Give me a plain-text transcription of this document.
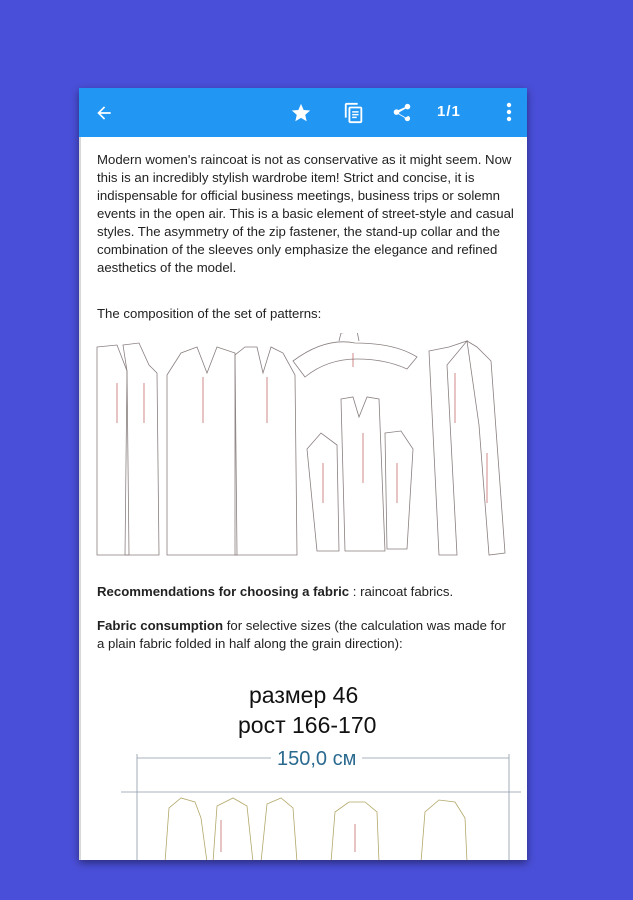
1/1
Modern women's raincoat is not as conservative as it might seem. Now this is an incredibly stylish wardrobe item! Strict and concise, it is indispensable for official business meetings, business trips or solemn events in the open air. This is a basic element of street-style and casual styles. The asymmetry of the zip fastener, the stand-up collar and the combination of the sleeves only emphasize the elegance and refined aesthetics of the model.
The composition of the set of patterns:
Recommendations for choosing a fabric : raincoat fabrics.
Fabric consumption for selective sizes (the calculation was made for a plain fabric folded in half along the grain direction):
размер 46
рост 166-170
150,0 см
